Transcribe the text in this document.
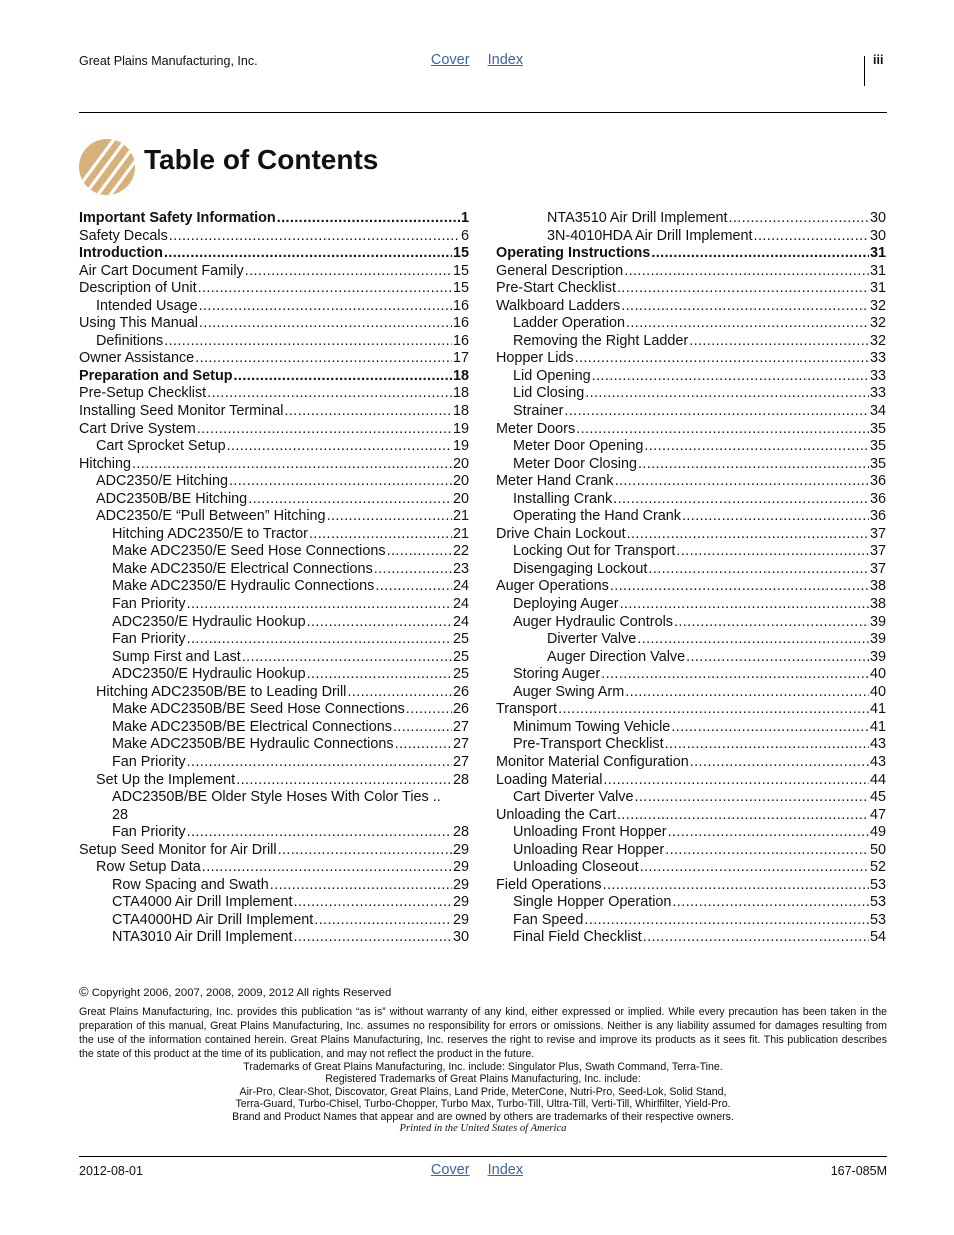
Great Plains Manufacturing, Inc.	Cover Index	iii
Table of Contents
Important Safety Information .....	1
Safety Decals .....	6
Introduction .....	15
Air Cart Document Family .....	15
Description of Unit .....	15
Intended Usage .....	16
Using This Manual .....	16
Definitions .....	16
Owner Assistance .....	17
Preparation and Setup .....	18
Pre-Setup Checklist .....	18
Installing Seed Monitor Terminal .....	18
Cart Drive System .....	19
Cart Sprocket Setup .....	19
Hitching .....	20
ADC2350/E Hitching .....	20
ADC2350B/BE Hitching .....	20
ADC2350/E “Pull Between” Hitching .....	21
Hitching ADC2350/E to Tractor .....	21
Make ADC2350/E Seed Hose Connections .....	22
Make ADC2350/E Electrical Connections .....	23
Make ADC2350/E Hydraulic Connections .....	24
Fan Priority .....	24
ADC2350/E Hydraulic Hookup .....	24
Fan Priority .....	25
Sump First and Last .....	25
ADC2350/E Hydraulic Hookup .....	25
Hitching ADC2350B/BE to Leading Drill .....	26
Make ADC2350B/BE Seed Hose Connections .....	26
Make ADC2350B/BE Electrical Connections .....	27
Make ADC2350B/BE Hydraulic Connections .....	27
Fan Priority .....	27
Set Up the Implement .....	28
ADC2350B/BE Older Style Hoses With Color Ties ..
28
Fan Priority .....	28
Setup Seed Monitor for Air Drill .....	29
Row Setup Data .....	29
Row Spacing and Swath .....	29
CTA4000 Air Drill Implement .....	29
CTA4000HD Air Drill Implement .....	29
NTA3010 Air Drill Implement .....	30
NTA3510 Air Drill Implement .....	30
3N-4010HDA Air Drill Implement .....	30
Operating Instructions .....	31
General Description .....	31
Pre-Start Checklist .....	31
Walkboard Ladders .....	32
Ladder Operation .....	32
Removing the Right Ladder .....	32
Hopper Lids .....	33
Lid Opening .....	33
Lid Closing .....	33
Strainer .....	34
Meter Doors .....	35
Meter Door Opening .....	35
Meter Door Closing .....	35
Meter Hand Crank .....	36
Installing Crank .....	36
Operating the Hand Crank .....	36
Drive Chain Lockout .....	37
Locking Out for Transport .....	37
Disengaging Lockout .....	37
Auger Operations .....	38
Deploying Auger .....	38
Auger Hydraulic Controls .....	39
Diverter Valve .....	39
Auger Direction Valve .....	39
Storing Auger .....	40
Auger Swing Arm .....	40
Transport .....	41
Minimum Towing Vehicle .....	41
Pre-Transport Checklist .....	43
Monitor Material Configuration .....	43
Loading Material .....	44
Cart Diverter Valve .....	45
Unloading the Cart .....	47
Unloading Front Hopper .....	49
Unloading Rear Hopper .....	50
Unloading Closeout .....	52
Field Operations .....	53
Single Hopper Operation .....	53
Fan Speed .....	53
Final Field Checklist .....	54
© Copyright 2006, 2007, 2008, 2009, 2012 All rights Reserved
Great Plains Manufacturing, Inc. provides this publication “as is” without warranty of any kind, either expressed or implied. While every precaution has been taken in the preparation of this manual, Great Plains Manufacturing, Inc. assumes no responsibility for errors or omissions. Neither is any liability assumed for damages resulting from the use of the information contained herein. Great Plains Manufacturing, Inc. reserves the right to revise and improve its products as it sees fit. This publication describes the state of this product at the time of its publication, and may not reflect the product in the future.
Trademarks of Great Plains Manufacturing, Inc. include: Singulator Plus, Swath Command, Terra-Tine.
Registered Trademarks of Great Plains Manufacturing, Inc. include:
Air-Pro, Clear-Shot, Discovator, Great Plains, Land Pride, MeterCone, Nutri-Pro, Seed-Lok, Solid Stand,
Terra-Guard, Turbo-Chisel, Turbo-Chopper, Turbo Max, Turbo-Till, Ultra-Till, Verti-Till, Whirlfilter, Yield-Pro.
Brand and Product Names that appear and are owned by others are trademarks of their respective owners.
Printed in the United States of America
2012-08-01	Cover Index	167-085M
